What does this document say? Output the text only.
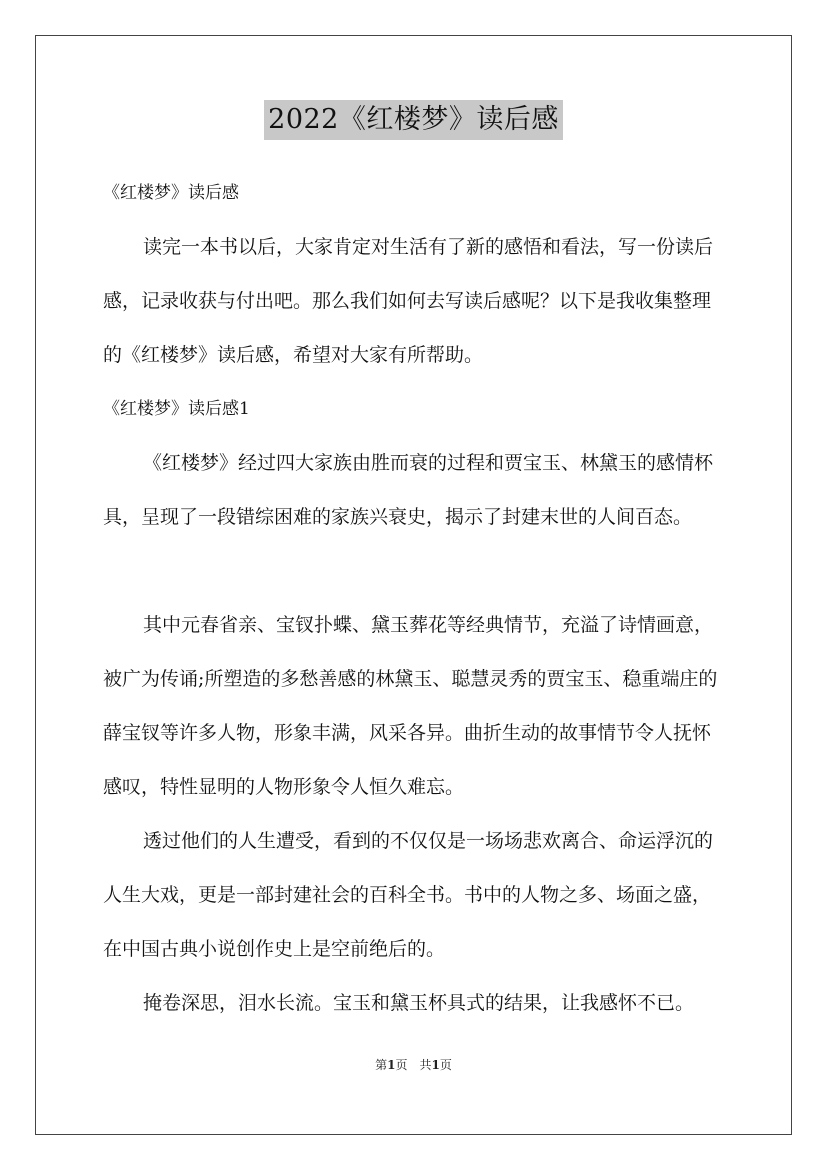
2022《红楼梦》读后感

《红楼梦》读后感

读完一本书以后，大家肯定对生活有了新的感悟和看法，写一份读后感，记录收获与付出吧。那么我们如何去写读后感呢？以下是我收集整理的《红楼梦》读后感，希望对大家有所帮助。

《红楼梦》读后感1

《红楼梦》经过四大家族由胜而衰的过程和贾宝玉、林黛玉的感情杯具，呈现了一段错综困难的家族兴衰史，揭示了封建末世的人间百态。

其中元春省亲、宝钗扑蝶、黛玉葬花等经典情节，充溢了诗情画意，被广为传诵;所塑造的多愁善感的林黛玉、聪慧灵秀的贾宝玉、稳重端庄的薛宝钗等许多人物，形象丰满，风采各异。曲折生动的故事情节令人抚怀感叹，特性显明的人物形象令人恒久难忘。

透过他们的人生遭受，看到的不仅仅是一场场悲欢离合、命运浮沉的人生大戏，更是一部封建社会的百科全书。书中的人物之多、场面之盛，在中国古典小说创作史上是空前绝后的。

掩卷深思，泪水长流。宝玉和黛玉杯具式的结果，让我感怀不已。

第1页　共1页
